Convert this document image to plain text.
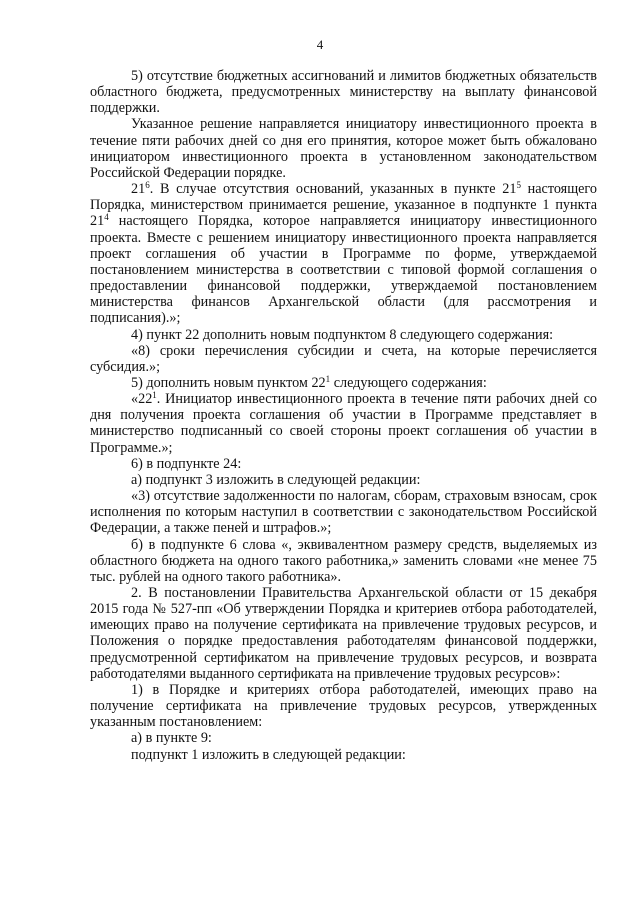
4

5) отсутствие бюджетных ассигнований и лимитов бюджетных обязательств областного бюджета, предусмотренных министерству на выплату финансовой поддержки.

Указанное решение направляется инициатору инвестиционного проекта в течение пяти рабочих дней со дня его принятия, которое может быть обжаловано инициатором инвестиционного проекта в установленном законодательством Российской Федерации порядке.

$21^6$. В случае отсутствия оснований, указанных в пункте $21^5$ настоящего Порядка, министерством принимается решение, указанное в подпункте 1 пункта $21^4$ настоящего Порядка, которое направляется инициатору инвестиционного проекта. Вместе с решением инициатору инвестиционного проекта направляется проект соглашения об участии в Программе по форме, утверждаемой постановлением министерства в соответствии с типовой формой соглашения о предоставлении финансовой поддержки, утверждаемой постановлением министерства финансов Архангельской области (для рассмотрения и подписания).»;

4) пункт 22 дополнить новым подпунктом 8 следующего содержания:

«8) сроки перечисления субсидии и счета, на которые перечисляется субсидия.»;

5) дополнить новым пунктом $22^1$ следующего содержания:

«$22^1$. Инициатор инвестиционного проекта в течение пяти рабочих дней со дня получения проекта соглашения об участии в Программе представляет в министерство подписанный со своей стороны проект соглашения об участии в Программе.»;

6) в подпункте 24:

а) подпункт 3 изложить в следующей редакции:

«3) отсутствие задолженности по налогам, сборам, страховым взносам, срок исполнения по которым наступил в соответствии с законодательством Российской Федерации, а также пеней и штрафов.»;

б) в подпункте 6 слова «, эквивалентном размеру средств, выделяемых из областного бюджета на одного такого работника,» заменить словами «не менее 75 тыс. рублей на одного такого работника».

2. В постановлении Правительства Архангельской области от 15 декабря 2015 года № 527-пп «Об утверждении Порядка и критериев отбора работодателей, имеющих право на получение сертификата на привлечение трудовых ресурсов, и Положения о порядке предоставления работодателям финансовой поддержки, предусмотренной сертификатом на привлечение трудовых ресурсов, и возврата работодателями выданного сертификата на привлечение трудовых ресурсов»:

1) в Порядке и критериях отбора работодателей, имеющих право на получение сертификата на привлечение трудовых ресурсов, утвержденных указанным постановлением:

а) в пункте 9:

подпункт 1 изложить в следующей редакции:
